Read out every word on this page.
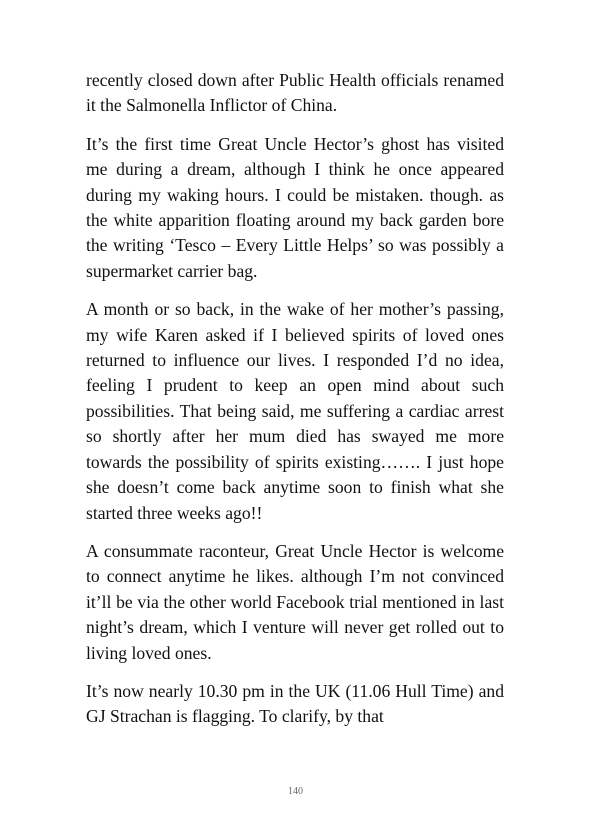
recently closed down after Public Health officials renamed it the Salmonella Inflictor of China.

It’s the first time Great Uncle Hector’s ghost has visited me during a dream, although I think he once appeared during my waking hours. I could be mistaken. though. as the white apparition floating around my back garden bore the writing ‘Tesco – Every Little Helps’ so was possibly a supermarket carrier bag.

A month or so back, in the wake of her mother’s passing, my wife Karen asked if I believed spirits of loved ones returned to influence our lives. I responded I’d no idea, feeling I prudent to keep an open mind about such possibilities. That being said, me suffering a cardiac arrest so shortly after her mum died has swayed me more towards the possibility of spirits existing……. I just hope she doesn’t come back anytime soon to finish what she started three weeks ago!!

A consummate raconteur, Great Uncle Hector is welcome to connect anytime he likes. although I’m not convinced it’ll be via the other world Facebook trial mentioned in last night’s dream, which I venture will never get rolled out to living loved ones.

It’s now nearly 10.30 pm in the UK (11.06 Hull Time) and GJ Strachan is flagging. To clarify, by that

140
